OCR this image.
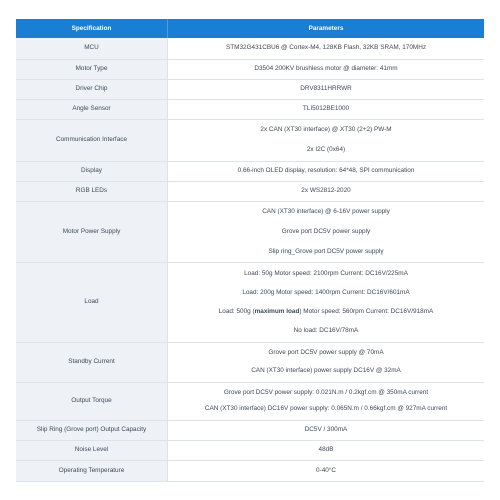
Specification	Parameters
MCU	STM32G431CBU6 @ Cortex-M4, 128KB Flash, 32KB SRAM, 170MHz

Motor Type	D3504 200KV brushless motor @ diameter: 41mm

Driver Chip	DRV8311HRRWR

Angle Sensor	TLI5012BE1000

Communication Interface	2x CAN (XT30 interface) @ XT30 (2+2) PW-M
2x I2C (0x64)

Display	0.66-inch OLED display, resolution: 64*48, SPI communication

RGB LEDs	2x WS2812-2020

Motor Power Supply	CAN (XT30 interface) @ 6-16V power supply
Grove port DC5V power supply
Slip ring_Grove port DC5V power supply

Load	Load: 50g Motor speed: 2100rpm Current: DC16V/225mA
Load: 200g Motor speed: 1400rpm Current: DC16V/601mA
Load: 500g (maximum load) Motor speed: 560rpm Current: DC16V/918mA
No load: DC16V/78mA

Standby Current	Grove port DC5V power supply @ 70mA
CAN (XT30 interface) power supply DC16V @ 32mA

Output Torque	Grove port DC5V power supply: 0.021N.m / 0.2kgf.cm @ 350mA current
CAN (XT30 interface) DC16V power supply: 0.065N.m / 0.66kgf.cm @ 927mA current

Slip Ring (Grove port) Output Capacity	DC5V / 300mA

Noise Level	48dB

Operating Temperature	0-40°C
